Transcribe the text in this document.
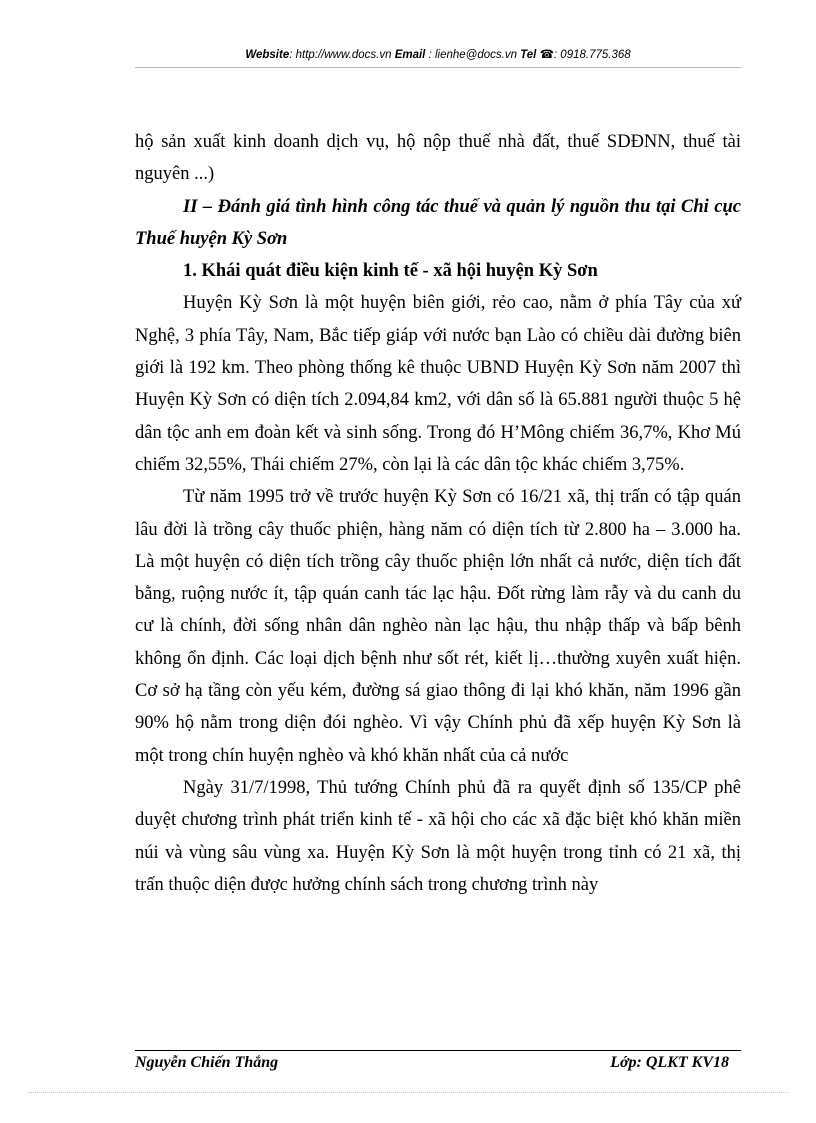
Website: http://www.docs.vn Email : lienhe@docs.vn Tel ☎: 0918.775.368

hộ sản xuất kinh doanh dịch vụ, hộ nộp thuế nhà đất, thuế SDĐNN, thuế tài nguyên ...)

II – Đánh giá tình hình công tác thuế và quản lý nguồn thu tại Chi cục Thuế huyện Kỳ Sơn

1. Khái quát điều kiện kinh tế - xã hội huyện Kỳ Sơn

Huyện Kỳ Sơn là một huyện biên giới, rẻo cao, nằm ở phía Tây của xứ Nghệ, 3 phía Tây, Nam, Bắc tiếp giáp với nước bạn Lào có chiều dài đường biên giới là 192 km. Theo phòng thống kê thuộc UBND Huyện Kỳ Sơn năm 2007 thì Huyện Kỳ Sơn có diện tích 2.094,84 km2, với dân số là 65.881 người thuộc 5 hệ dân tộc anh em đoàn kết và sinh sống. Trong đó H’Mông chiếm 36,7%, Khơ Mú chiếm 32,55%, Thái chiếm 27%, còn lại là các dân tộc khác chiếm 3,75%.

Từ năm 1995 trở về trước huyện Kỳ Sơn có 16/21 xã, thị trấn có tập quán lâu đời là trồng cây thuốc phiện, hàng năm có diện tích từ 2.800 ha – 3.000 ha. Là một huyện có diện tích trồng cây thuốc phiện lớn nhất cả nước, diện tích đất bằng, ruộng nước ít, tập quán canh tác lạc hậu. Đốt rừng làm rẫy và du canh du cư là chính, đời sống nhân dân nghèo nàn lạc hậu, thu nhập thấp và bấp bênh không ổn định. Các loại dịch bệnh như sốt rét, kiết lị…thường xuyên xuất hiện. Cơ sở hạ tầng còn yếu kém, đường sá giao thông đi lại khó khăn, năm 1996 gần 90% hộ nằm trong diện đói nghèo. Vì vậy Chính phủ đã xếp huyện Kỳ Sơn là một trong chín huyện nghèo và khó khăn nhất của cả nước

Ngày 31/7/1998, Thủ tướng Chính phủ đã ra quyết định số 135/CP phê duyệt chương trình phát triển kinh tế - xã hội cho các xã đặc biệt khó khăn miền núi và vùng sâu vùng xa. Huyện Kỳ Sơn là một huyện trong tỉnh có 21 xã, thị trấn thuộc diện được hưởng chính sách trong chương trình này

Nguyễn Chiến Thắng	Lớp: QLKT KV18
